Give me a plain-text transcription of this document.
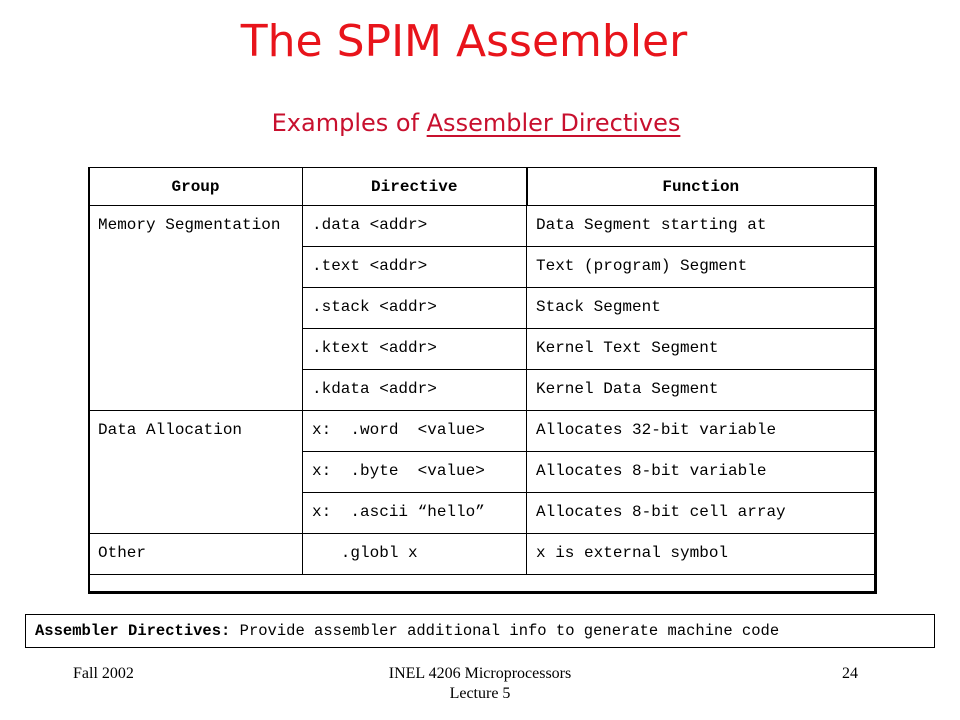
The SPIM Assembler
Examples of Assembler Directives
Group	Directive	Function
Memory Segmentation	.data <addr>	Data Segment starting at
	.text <addr>	Text (program) Segment
	.stack <addr>	Stack Segment
	.ktext <addr>	Kernel Text Segment
	.kdata <addr>	Kernel Data Segment
Data Allocation	x:  .word  <value>	Allocates 32-bit variable
	x:  .byte  <value>	Allocates 8-bit variable
	x:  .ascii “hello”	Allocates 8-bit cell array
Other	.globl x	x is external symbol
Assembler Directives: Provide assembler additional info to generate machine code
Fall 2002	INEL 4206 Microprocessors
Lecture 5
24
